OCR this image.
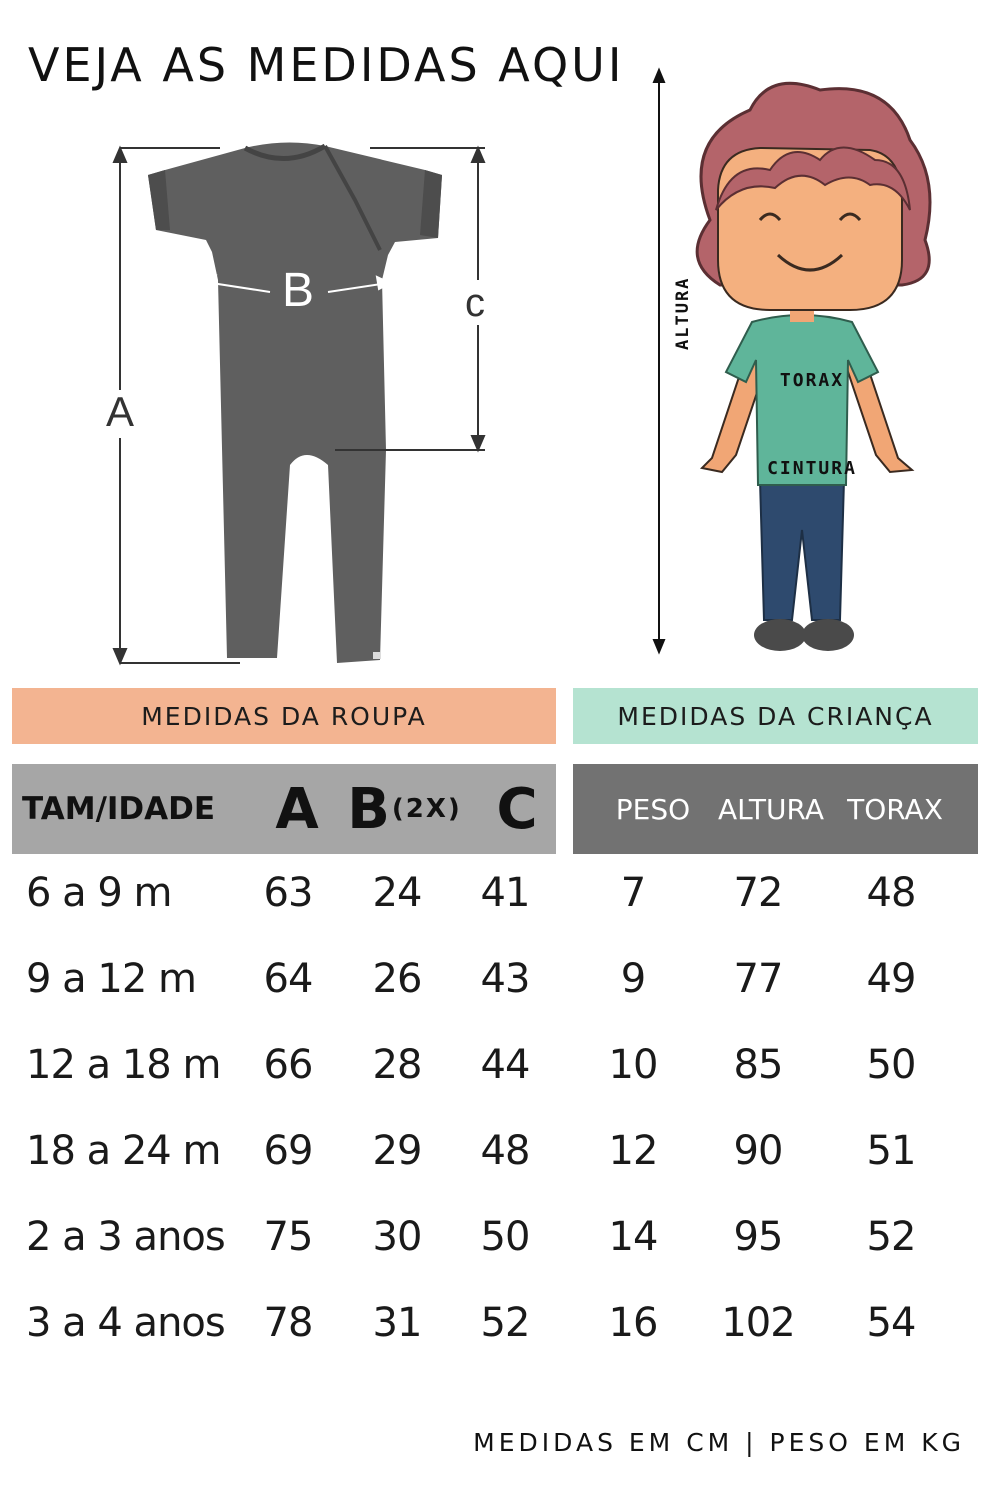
VEJA AS MEDIDAS AQUI
A
B	c	ALTURA
TORAX
CINTURA
MEDIDAS DA ROUPA	MEDIDAS DA CRIANÇA
TAM/IDADE	A B (2X) C	PESO ALTURA TORAX
6 a 9 m	63	24	41	7	72	48
9 a 12 m	64	26	43	9	77	49
12 a 18 m	66	28	44	10	85	50
18 a 24 m	69	29	48	12	90	51
2 a 3 anos 75	30	50	14	95	52
3 a 4 anos 78	31	52	16	102	54
MEDIDAS EM CM | PESO EM KG
